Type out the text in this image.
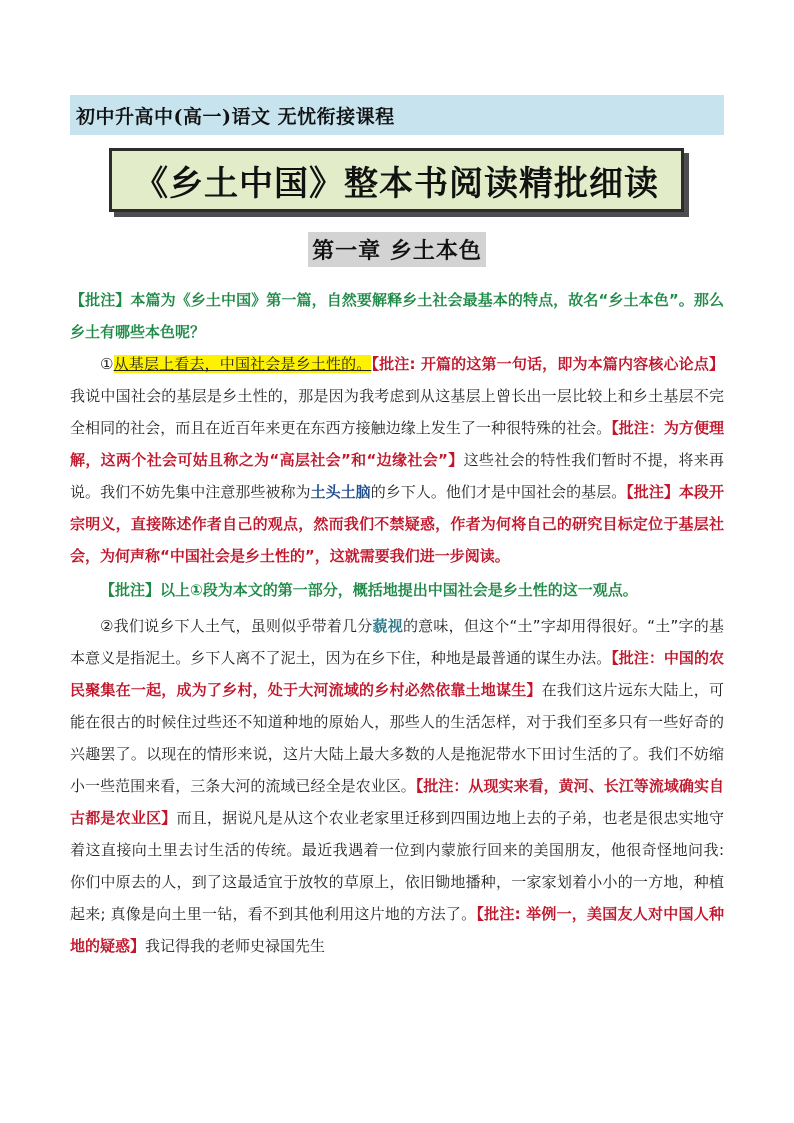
初中升高中(高一)语文 无忧衔接课程
《乡土中国》整本书阅读精批细读
第一章 乡土本色

【批注】本篇为《乡土中国》第一篇，自然要解释乡土社会最基本的特点，故名“乡土本色”。那么乡土有哪些本色呢？

①从基层上看去，中国社会是乡土性的。【批注: 开篇的这第一句话，即为本篇内容核心论点】我说中国社会的基层是乡土性的，那是因为我考虑到从这基层上曾长出一层比较上和乡土基层不完全相同的社会，而且在近百年来更在东西方接触边缘上发生了一种很特殊的社会。【批注：为方便理解，这两个社会可姑且称之为“高层社会”和“边缘社会”】这些社会的特性我们暂时不提，将来再说。我们不妨先集中注意那些被称为土头土脑的乡下人。他们才是中国社会的基层。【批注】本段开宗明义，直接陈述作者自己的观点，然而我们不禁疑惑，作者为何将自己的研究目标定位于基层社会，为何声称“中国社会是乡土性的”，这就需要我们进一步阅读。

【批注】以上①段为本文的第一部分，概括地提出中国社会是乡土性的这一观点。

②我们说乡下人土气，虽则似乎带着几分藐视的意味，但这个“土”字却用得很好。“土”字的基本意义是指泥土。乡下人离不了泥土，因为在乡下住，种地是最普通的谋生办法。【批注：中国的农民聚集在一起，成为了乡村，处于大河流域的乡村必然依靠土地谋生】在我们这片远东大陆上，可能在很古的时候住过些还不知道种地的原始人，那些人的生活怎样，对于我们至多只有一些好奇的兴趣罢了。以现在的情形来说，这片大陆上最大多数的人是拖泥带水下田讨生活的了。我们不妨缩小一些范围来看，三条大河的流域已经全是农业区。【批注：从现实来看，黄河、长江等流域确实自古都是农业区】而且，据说凡是从这个农业老家里迁移到四围边地上去的子弟，也老是很忠实地守着这直接向土里去讨生活的传统。最近我遇着一位到内蒙旅行回来的美国朋友，他很奇怪地问我: 你们中原去的人，到了这最适宜于放牧的草原上，依旧锄地播种，一家家划着小小的一方地，种植起来; 真像是向土里一钻，看不到其他利用这片地的方法了。【批注: 举例一，美国友人对中国人种地的疑惑】我记得我的老师史禄国先生
